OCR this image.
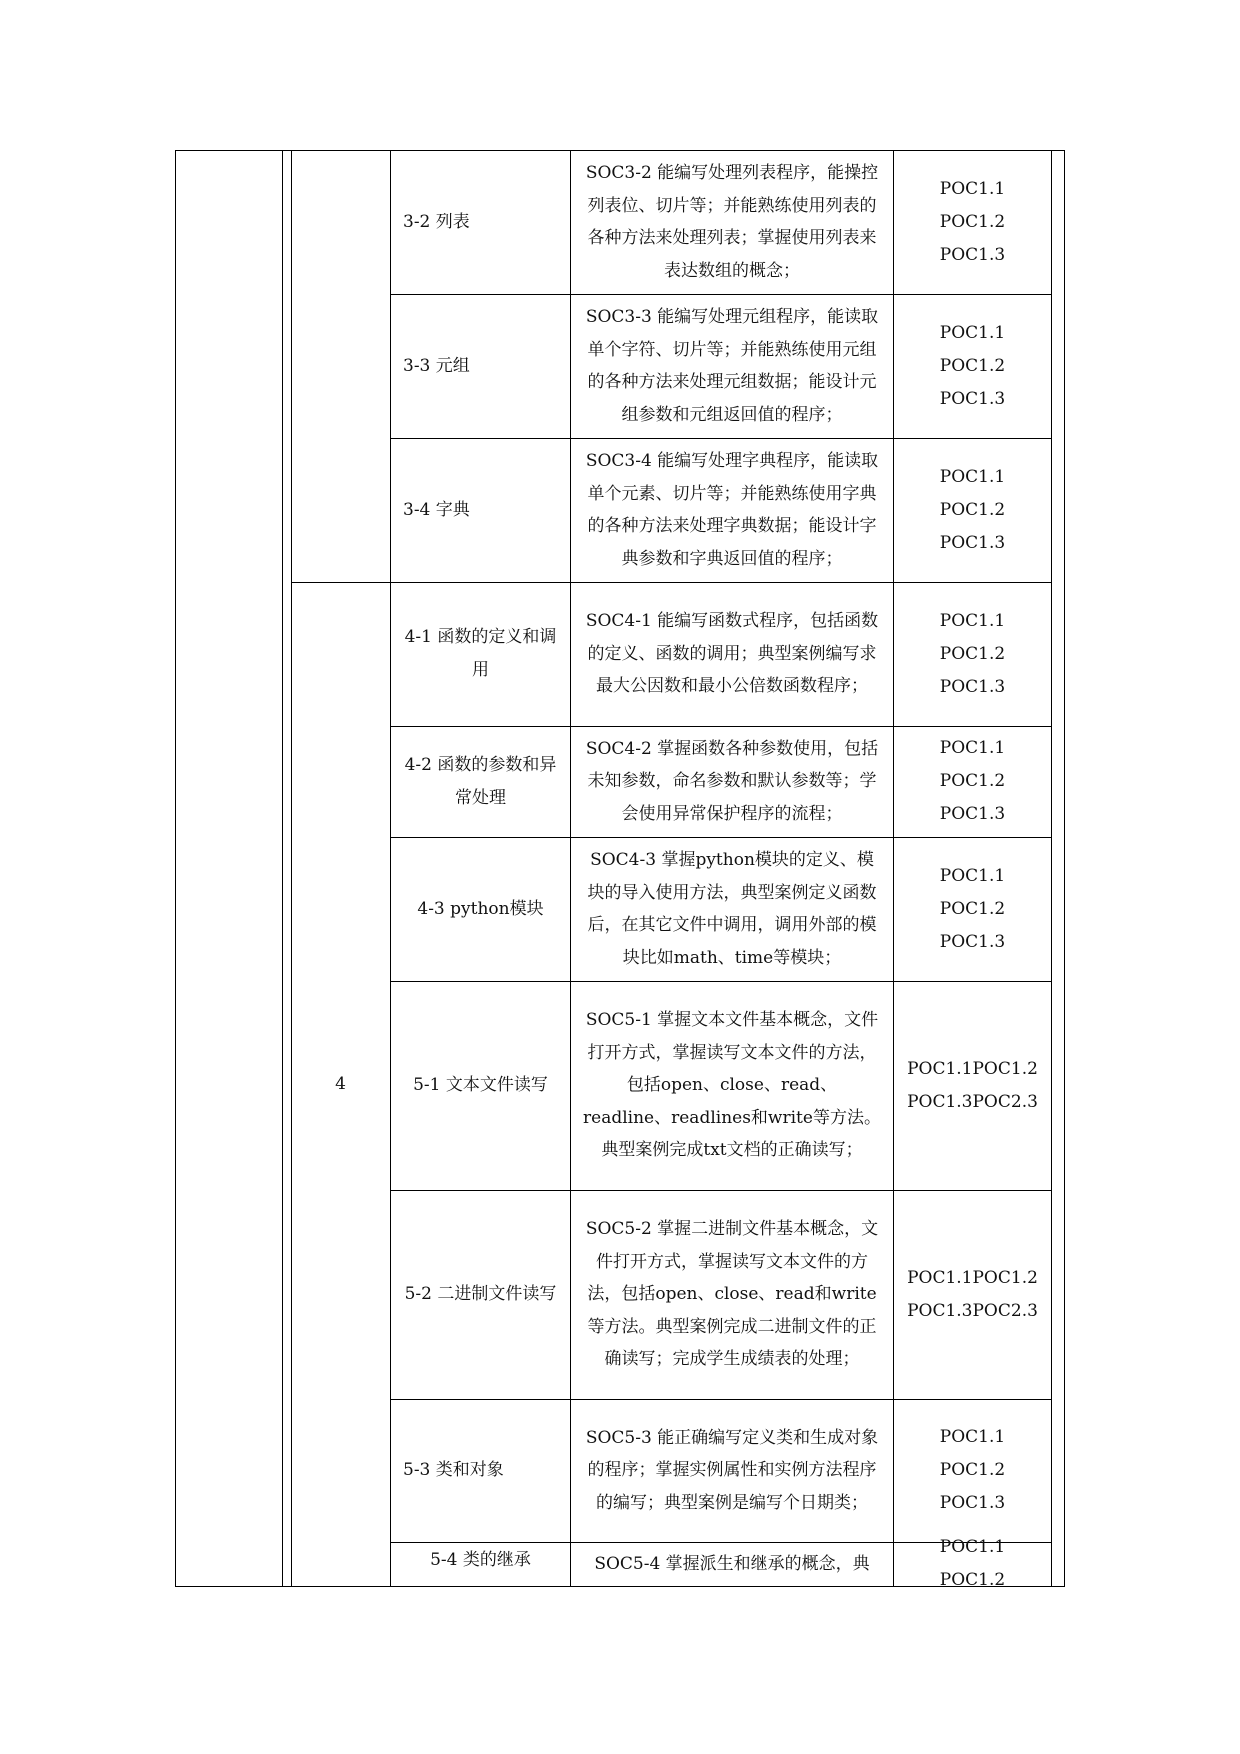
4
3-2 列表
SOC3-2 能编写处理列表程序，能操控列表位、切片等；并能熟练使用列表的各种方法来处理列表；掌握使用列表来表达数组的概念；
POC1.1 POC1.2 POC1.3
3-3 元组
SOC3-3 能编写处理元组程序，能读取单个字符、切片等；并能熟练使用元组的各种方法来处理元组数据；能设计元组参数和元组返回值的程序；
POC1.1 POC1.2 POC1.3
3-4 字典
SOC3-4 能编写处理字典程序，能读取单个元素、切片等；并能熟练使用字典的各种方法来处理字典数据；能设计字典参数和字典返回值的程序；
POC1.1 POC1.2 POC1.3
4-1 函数的定义和调用
SOC4-1 能编写函数式程序，包括函数的定义、函数的调用；典型案例编写求最大公因数和最小公倍数函数程序；
POC1.1 POC1.2 POC1.3
4-2 函数的参数和异常处理
SOC4-2 掌握函数各种参数使用，包括未知参数，命名参数和默认参数等；学会使用异常保护程序的流程；
POC1.1 POC1.2 POC1.3
4-3 python模块
SOC4-3 掌握python模块的定义、模块的导入使用方法，典型案例定义函数后，在其它文件中调用，调用外部的模块比如math、time等模块；
POC1.1 POC1.2 POC1.3
5-1 文本文件读写
SOC5-1 掌握文本文件基本概念，文件打开方式，掌握读写文本文件的方法，包括open、close、read、readline、readlines和write等方法。典型案例完成txt文档的正确读写；
POC1.1POC1.2 POC1.3POC2.3
5-2 二进制文件读写
SOC5-2 掌握二进制文件基本概念，文件打开方式，掌握读写文本文件的方法，包括open、close、read和write等方法。典型案例完成二进制文件的正确读写；完成学生成绩表的处理；
POC1.1POC1.2 POC1.3POC2.3
5-3 类和对象
SOC5-3 能正确编写定义类和生成对象的程序；掌握实例属性和实例方法程序的编写；典型案例是编写个日期类；
POC1.1 POC1.2 POC1.3
5-4 类的继承	SOC5-4 掌握派生和继承的概念，典
POC1.1 POC1.2
